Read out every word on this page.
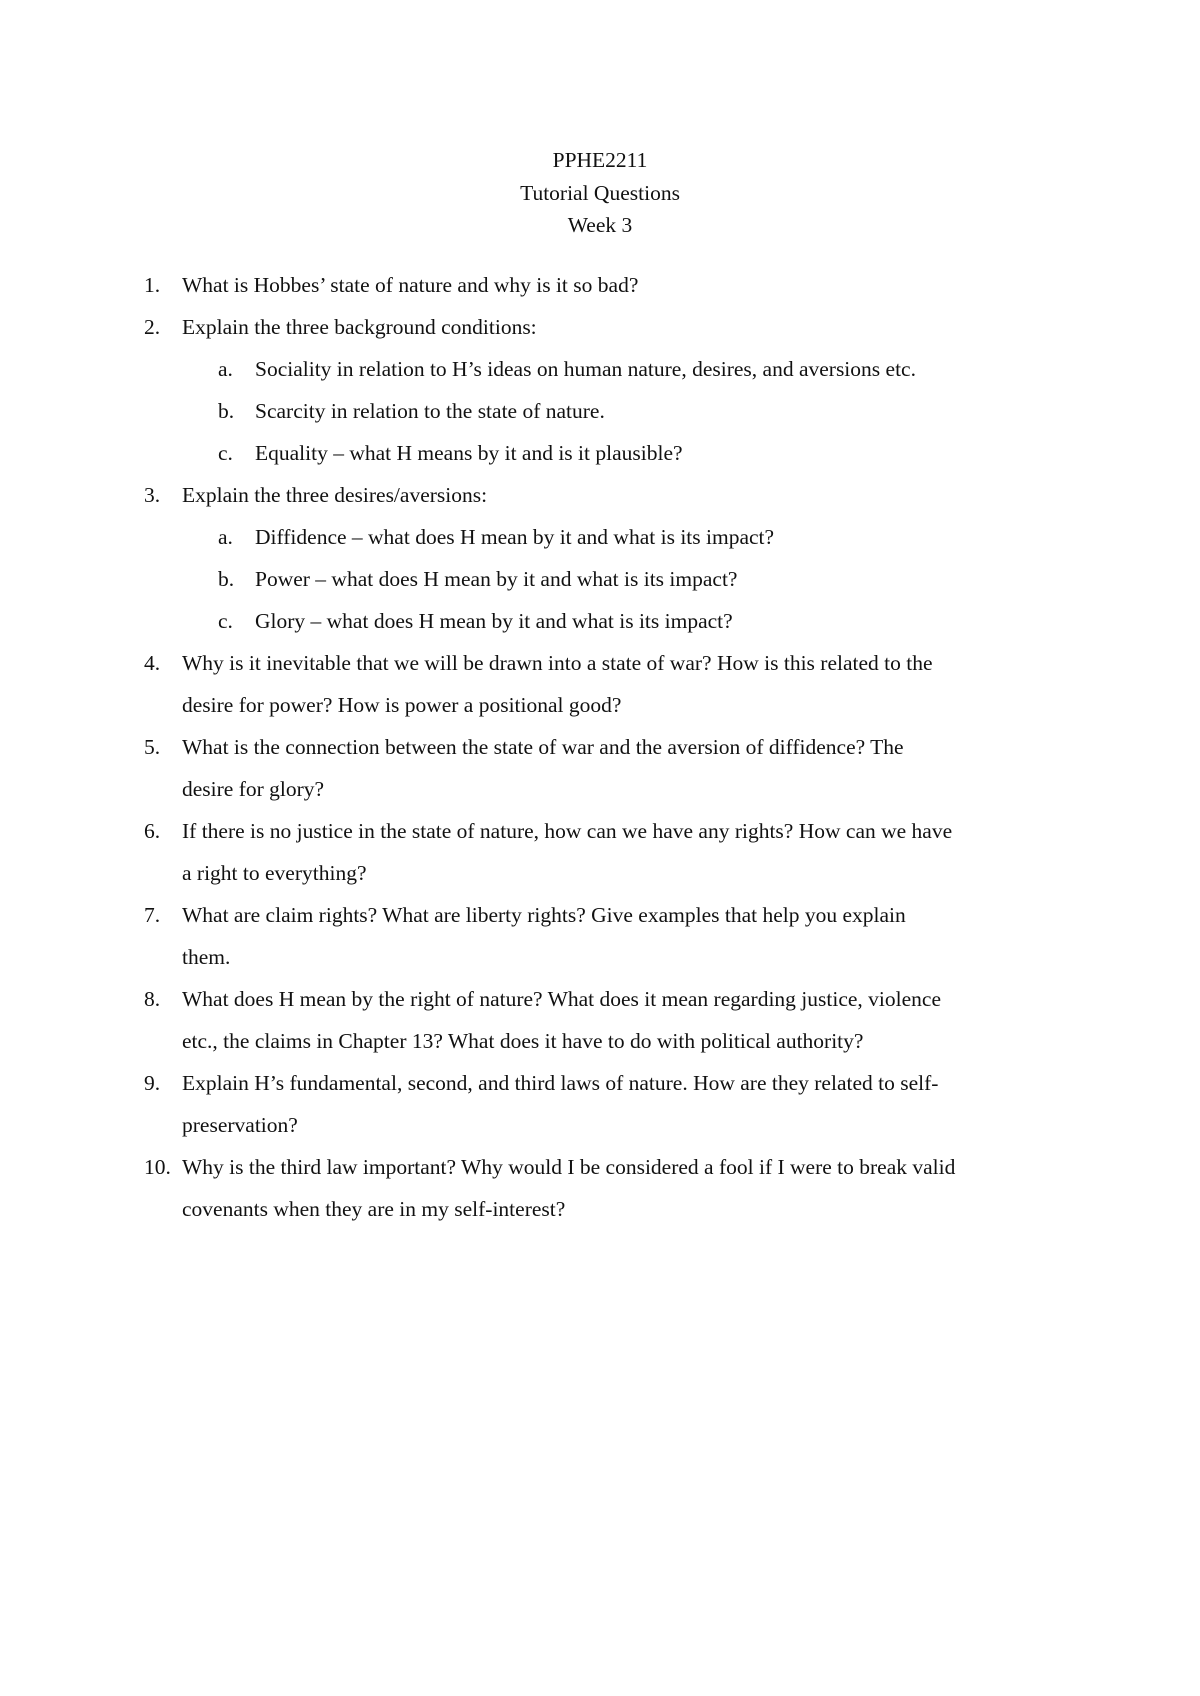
PPHE2211
Tutorial Questions
Week 3
1. What is Hobbes’ state of nature and why is it so bad?
2. Explain the three background conditions:
a. Sociality in relation to H’s ideas on human nature, desires, and aversions etc.
b. Scarcity in relation to the state of nature.
c. Equality – what H means by it and is it plausible?
3. Explain the three desires/aversions:
a. Diffidence – what does H mean by it and what is its impact?
b. Power – what does H mean by it and what is its impact?
c. Glory – what does H mean by it and what is its impact?
4. Why is it inevitable that we will be drawn into a state of war? How is this related to the
desire for power? How is power a positional good?
5. What is the connection between the state of war and the aversion of diffidence? The
desire for glory?
6. If there is no justice in the state of nature, how can we have any rights? How can we have
a right to everything?
7. What are claim rights? What are liberty rights? Give examples that help you explain
them.
8. What does H mean by the right of nature? What does it mean regarding justice, violence
etc., the claims in Chapter 13? What does it have to do with political authority?
9. Explain H’s fundamental, second, and third laws of nature. How are they related to self-
preservation?
10. Why is the third law important? Why would I be considered a fool if I were to break valid
covenants when they are in my self-interest?
